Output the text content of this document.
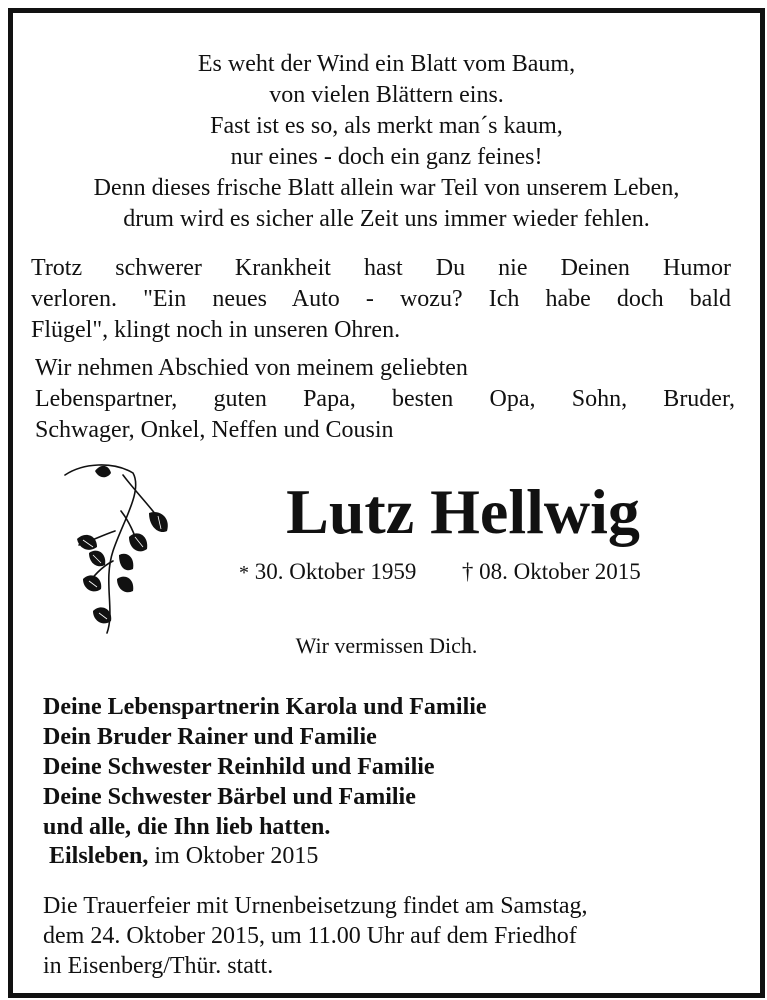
Es weht der Wind ein Blatt vom Baum,
von vielen Blättern eins.
Fast ist es so, als merkt man´s kaum,
nur eines - doch ein ganz feines!
Denn dieses frische Blatt allein war Teil von unserem Leben,
drum wird es sicher alle Zeit uns immer wieder fehlen.
Trotz schwerer Krankheit hast Du nie Deinen Humor
verloren. "Ein neues Auto - wozu? Ich habe doch bald
Flügel", klingt noch in unseren Ohren.
Wir nehmen Abschied von meinem geliebten
Lebenspartner, guten Papa, besten Opa, Sohn, Bruder,
Schwager, Onkel, Neffen und Cousin
Lutz Hellwig
* 30. Oktober 1959 † 08. Oktober 2015
Wir vermissen Dich.
Deine Lebenspartnerin Karola und Familie
Dein Bruder Rainer und Familie
Deine Schwester Reinhild und Familie
Deine Schwester Bärbel und Familie
und alle, die Ihn lieb hatten.
Eilsleben, im Oktober 2015
Die Trauerfeier mit Urnenbeisetzung findet am Samstag,
dem 24. Oktober 2015, um 11.00 Uhr auf dem Friedhof
in Eisenberg/Thür. statt.
